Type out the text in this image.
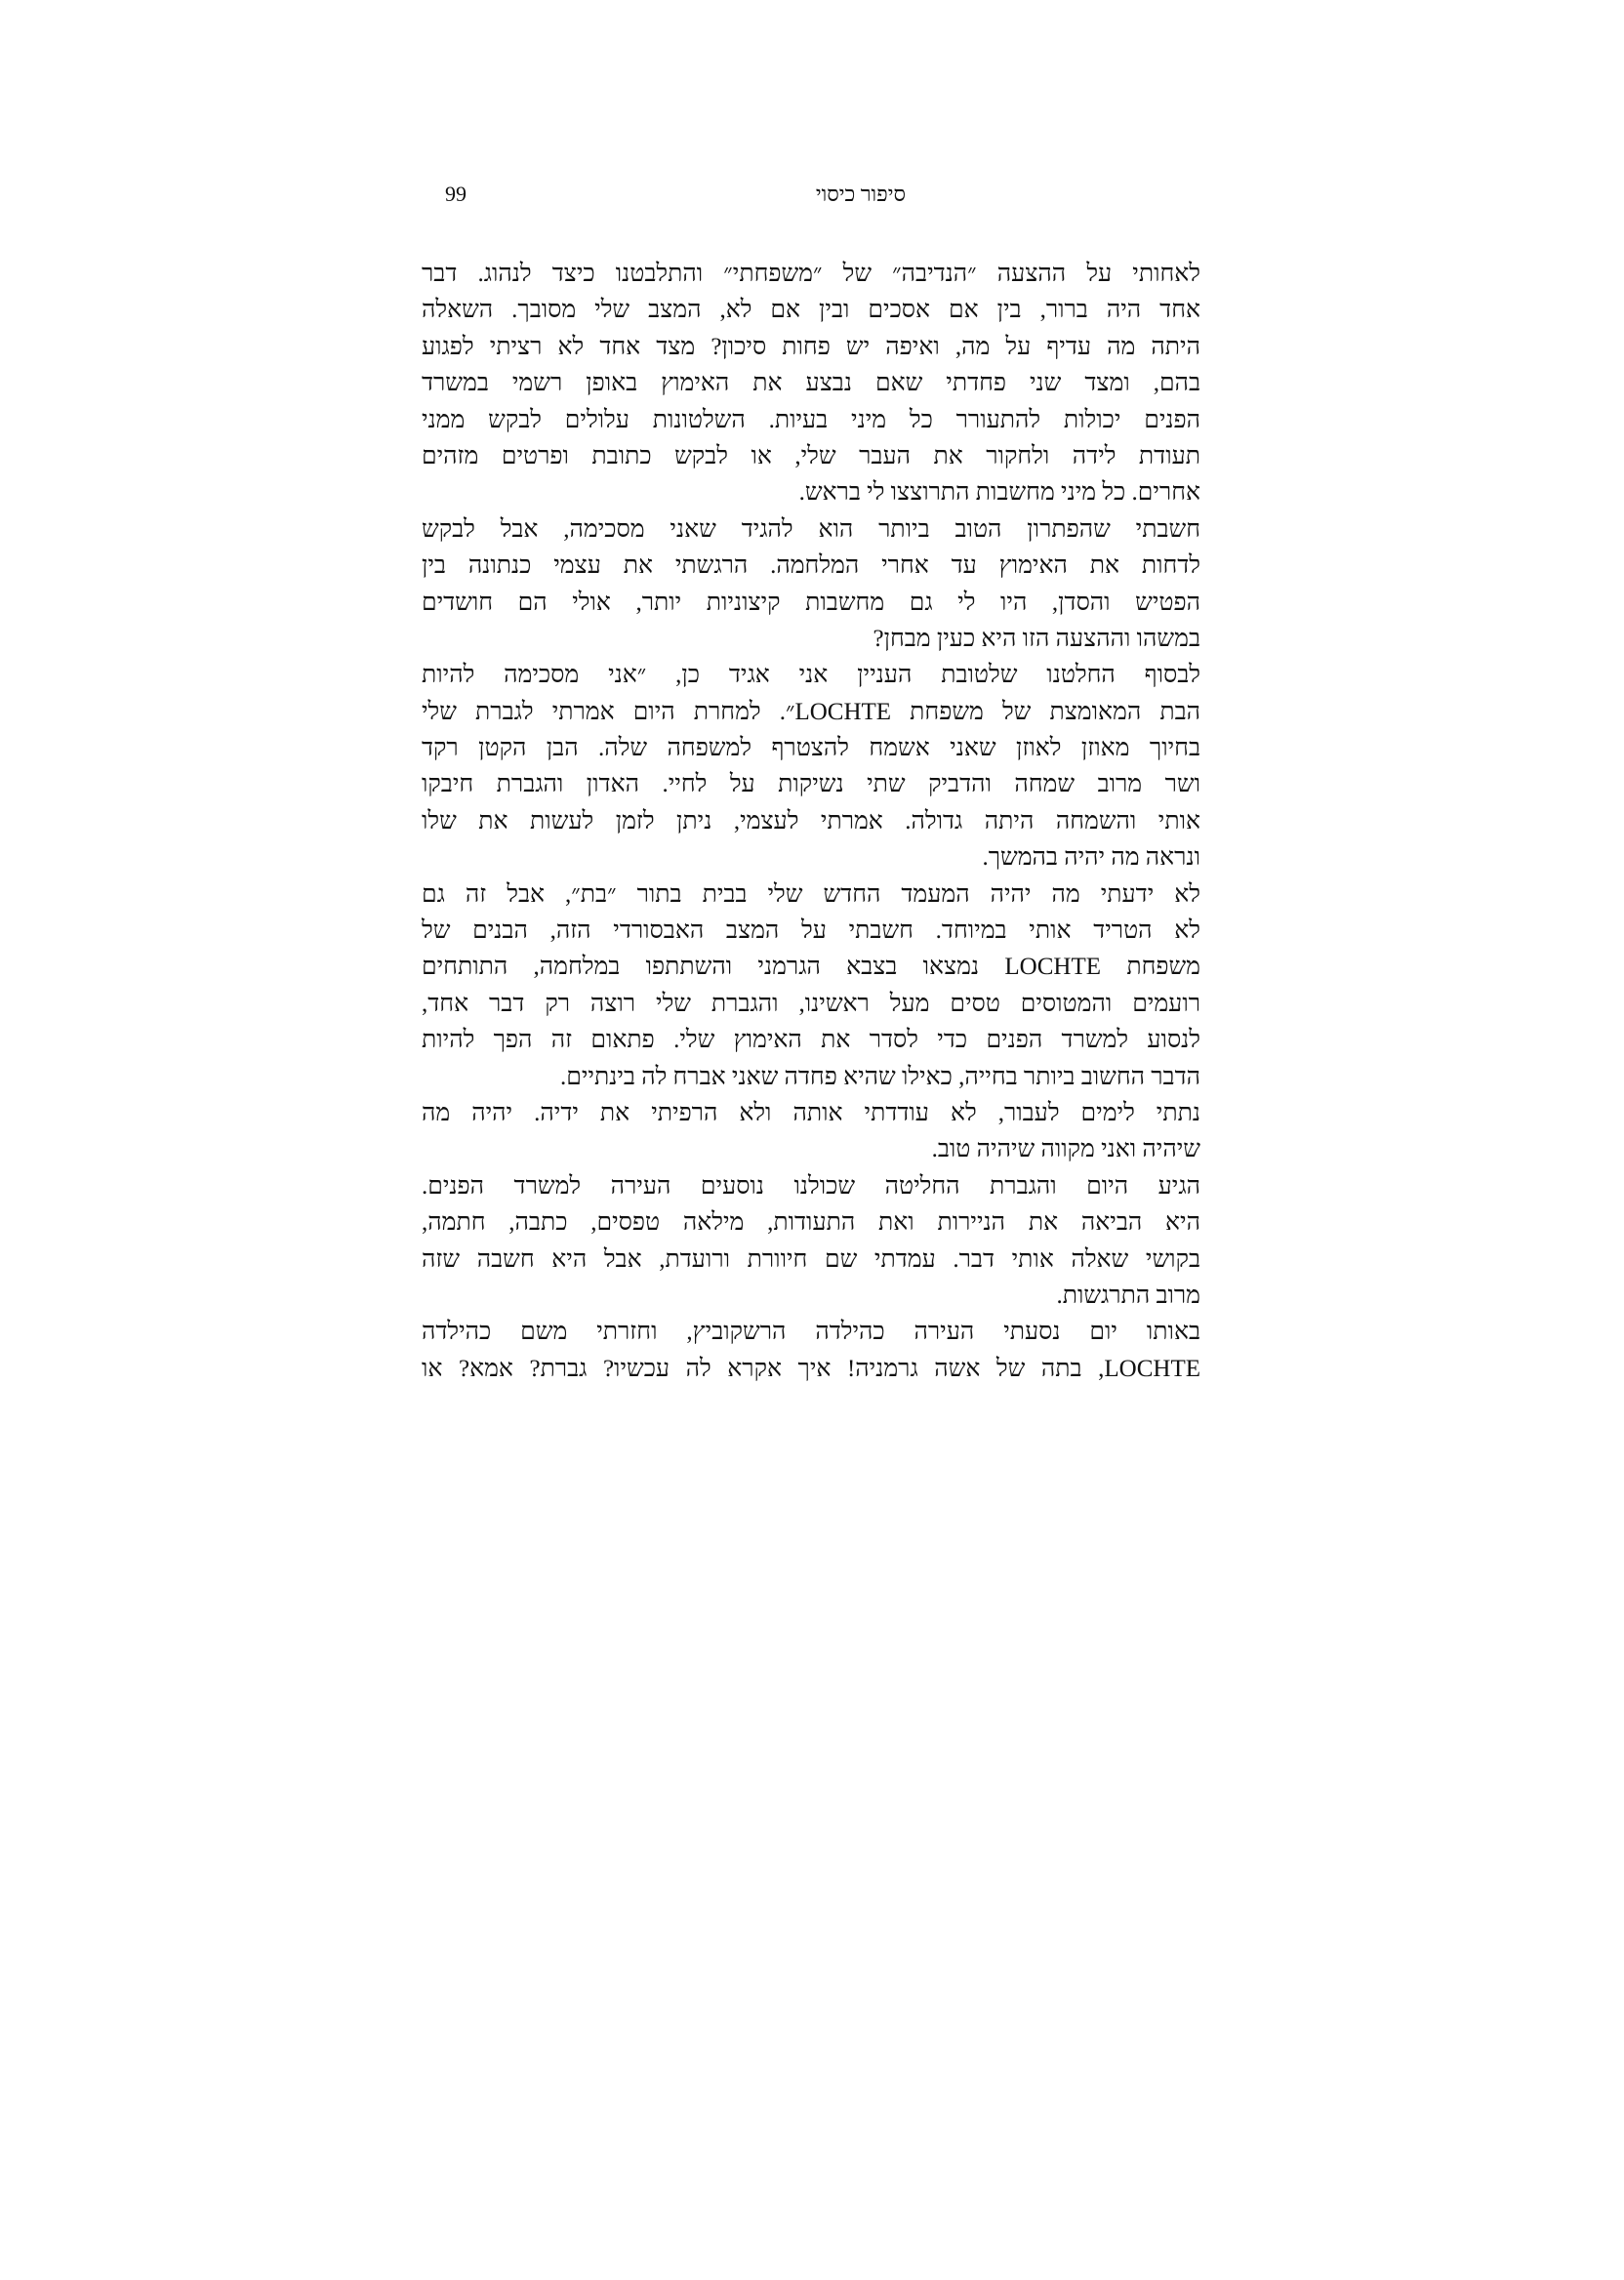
99	סיפור כיסוי
לאחותי על ההצעה ״הנדיבה״ של ״משפחתי״ והתלבטנו כיצד לנהוג. דבר
אחד היה ברור, בין אם אסכים ובין אם לא, המצב שלי מסובך. השאלה
היתה מה עדיף על מה, ואיפה יש פחות סיכון? מצד אחד לא רציתי לפגוע
בהם, ומצד שני פחדתי שאם נבצע את האימוץ באופן רשמי במשרד
הפנים יכולות להתעורר כל מיני בעיות. השלטונות עלולים לבקש ממני
תעודת לידה ולחקור את העבר שלי, או לבקש כתובת ופרטים מזהים
אחרים. כל מיני מחשבות התרוצצו לי בראש.
חשבתי שהפתרון הטוב ביותר הוא להגיד שאני מסכימה, אבל לבקש
לדחות את האימוץ עד אחרי המלחמה. הרגשתי את עצמי כנתונה בין
הפטיש והסדן, היו לי גם מחשבות קיצוניות יותר, אולי הם חושדים
במשהו וההצעה הזו היא כעין מבחן?
לבסוף החלטנו שלטובת העניין אני אגיד כן, ״אני מסכימה להיות
הבת המאומצת של משפחת LOCHTE״. למחרת היום אמרתי לגברת שלי
בחיוך מאוזן לאוזן שאני אשמח להצטרף למשפחה שלה. הבן הקטן רקד
ושר מרוב שמחה והדביק שתי נשיקות על לחיי. האדון והגברת חיבקו
אותי והשמחה היתה גדולה. אמרתי לעצמי, ניתן לזמן לעשות את שלו
ונראה מה יהיה בהמשך.
לא ידעתי מה יהיה המעמד החדש שלי בבית בתור ״בת״, אבל זה גם
לא הטריד אותי במיוחד. חשבתי על המצב האבסורדי הזה, הבנים של
משפחת LOCHTE נמצאו בצבא הגרמני והשתתפו במלחמה, התותחים
רועמים והמטוסים טסים מעל ראשינו, והגברת שלי רוצה רק דבר אחד,
לנסוע למשרד הפנים כדי לסדר את האימוץ שלי. פתאום זה הפך להיות
הדבר החשוב ביותר בחייה, כאילו שהיא פחדה שאני אברח לה בינתיים.
נתתי לימים לעבור, לא עודדתי אותה ולא הרפיתי את ידיה. יהיה מה
שיהיה ואני מקווה שיהיה טוב.
הגיע היום והגברת החליטה שכולנו נוסעים העירה למשרד הפנים.
היא הביאה את הניירות ואת התעודות, מילאה טפסים, כתבה, חתמה,
בקושי שאלה אותי דבר. עמדתי שם חיוורת ורועדת, אבל היא חשבה שזה
מרוב התרגשות.
באותו יום נסעתי העירה כהילדה הרשקוביץ, וחזרתי משם כהילדה
LOCHTE, בתה של אשה גרמניה! איך אקרא לה עכשיו? גברת? אמא? או
